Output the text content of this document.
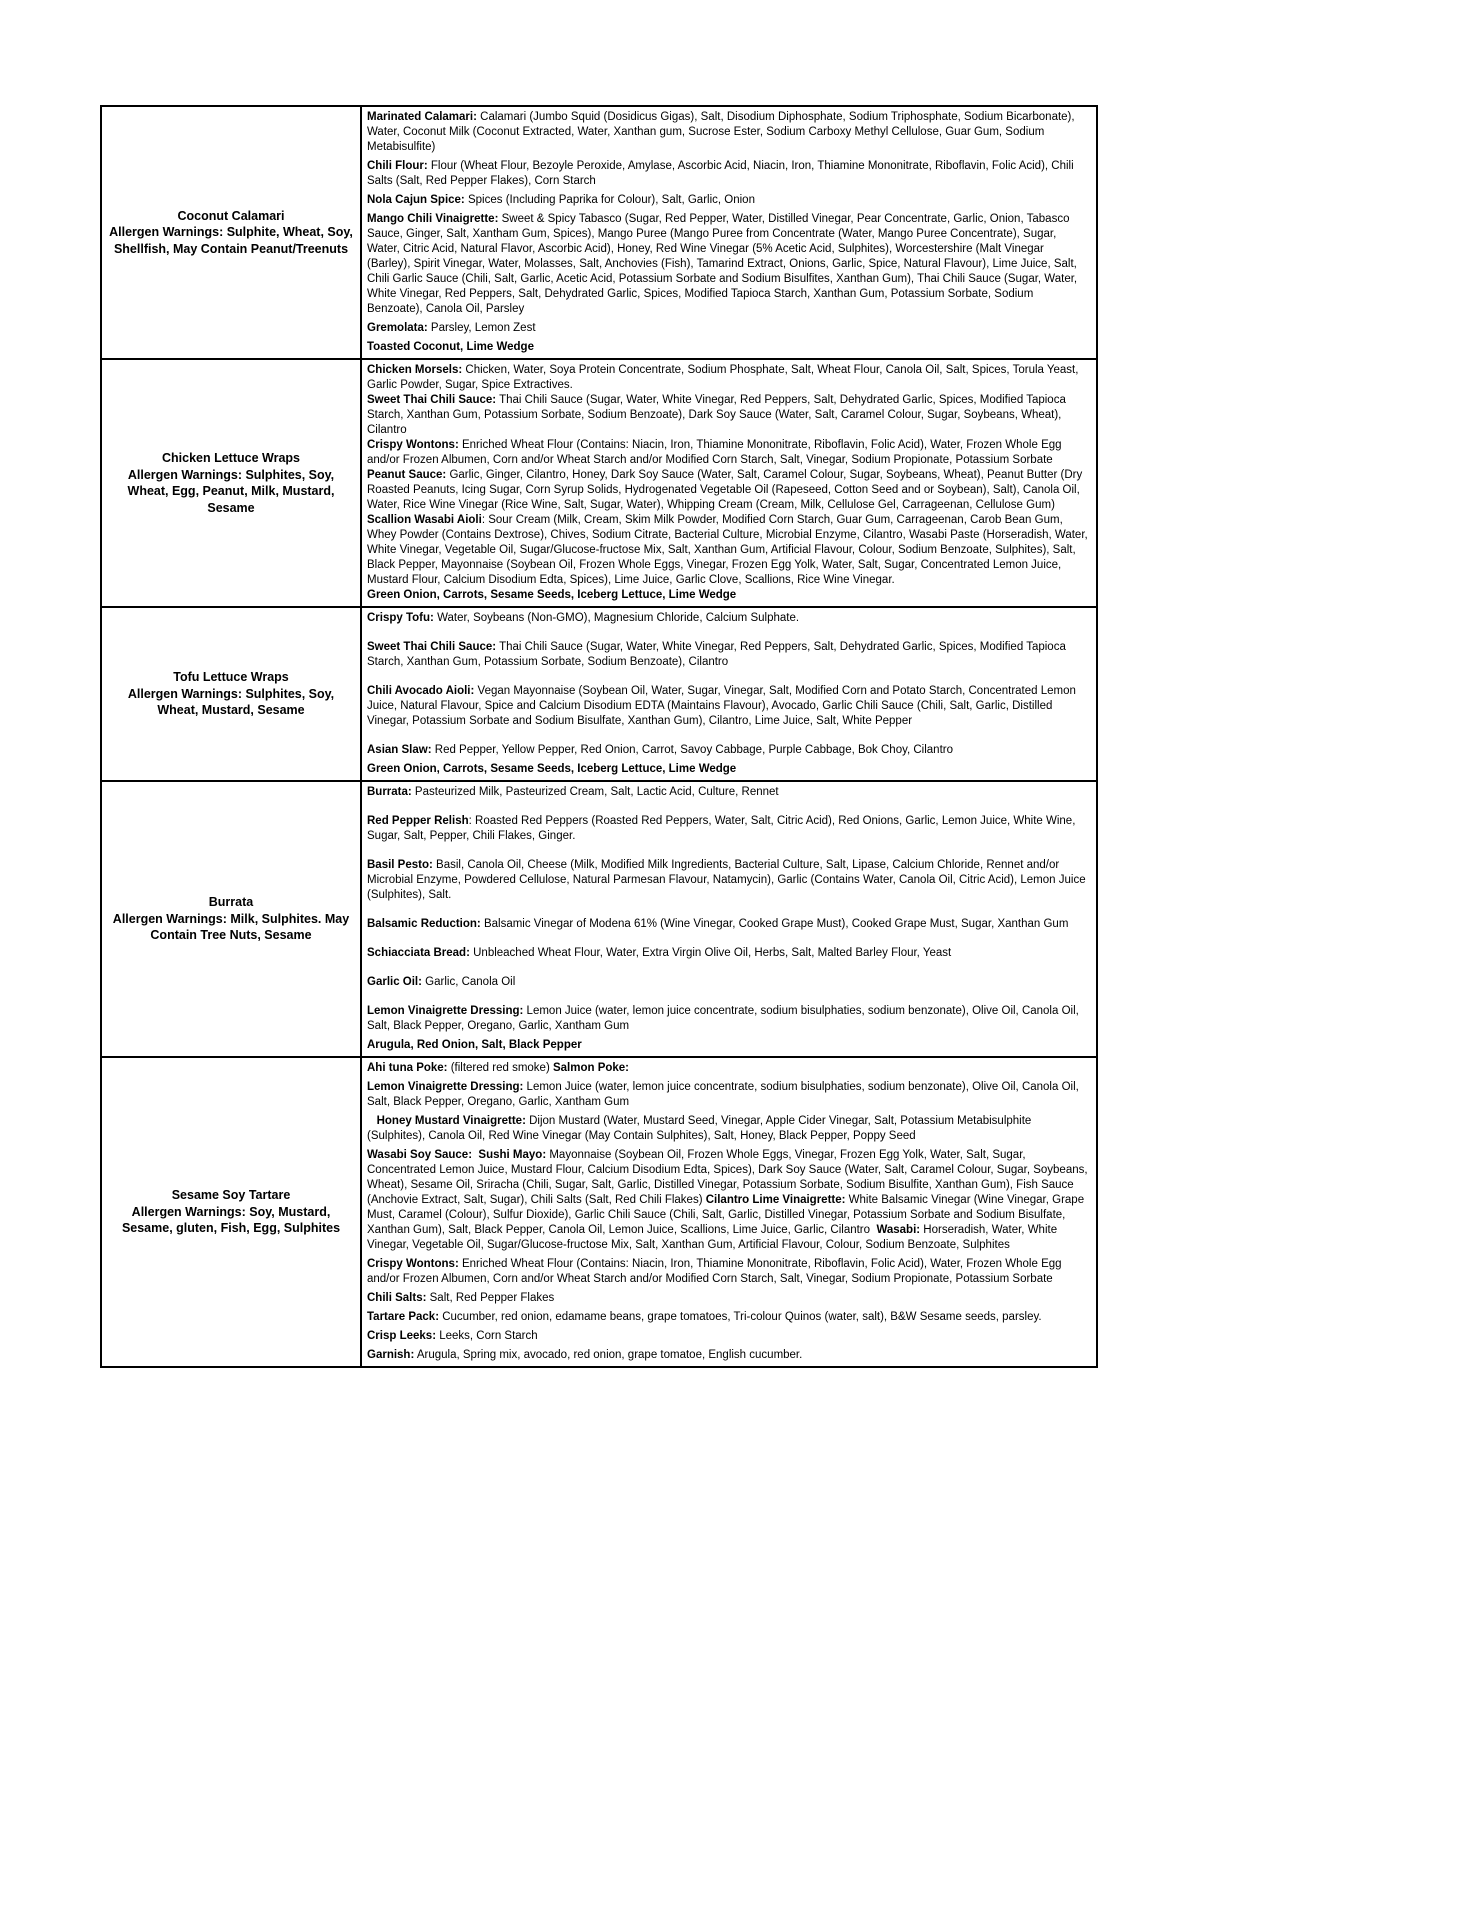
Coconut Calamari
Allergen Warnings: Sulphite, Wheat, Soy, Shellfish, May Contain Peanut/Treenuts

Marinated Calamari: Calamari (Jumbo Squid (Dosidicus Gigas), Salt, Disodium Diphosphate, Sodium Triphosphate, Sodium Bicarbonate), Water, Coconut Milk (Coconut Extracted, Water, Xanthan gum, Sucrose Ester, Sodium Carboxy Methyl Cellulose, Guar Gum, Sodium Metabisulfite)

Chili Flour: Flour (Wheat Flour, Bezoyle Peroxide, Amylase, Ascorbic Acid, Niacin, Iron, Thiamine Mononitrate, Riboflavin, Folic Acid), Chili Salts (Salt, Red Pepper Flakes), Corn Starch

Nola Cajun Spice: Spices (Including Paprika for Colour), Salt, Garlic, Onion

Mango Chili Vinaigrette: Sweet & Spicy Tabasco (Sugar, Red Pepper, Water, Distilled Vinegar, Pear Concentrate, Garlic, Onion, Tabasco Sauce, Ginger, Salt, Xantham Gum, Spices), Mango Puree (Mango Puree from Concentrate (Water, Mango Puree Concentrate), Sugar, Water, Citric Acid, Natural Flavor, Ascorbic Acid), Honey, Red Wine Vinegar (5% Acetic Acid, Sulphites), Worcestershire (Malt Vinegar (Barley), Spirit Vinegar, Water, Molasses, Salt, Anchovies (Fish), Tamarind Extract, Onions, Garlic, Spice, Natural Flavour), Lime Juice, Salt, Chili Garlic Sauce (Chili, Salt, Garlic, Acetic Acid, Potassium Sorbate and Sodium Bisulfites, Xanthan Gum), Thai Chili Sauce (Sugar, Water, White Vinegar, Red Peppers, Salt, Dehydrated Garlic, Spices, Modified Tapioca Starch, Xanthan Gum, Potassium Sorbate, Sodium Benzoate), Canola Oil, Parsley

Gremolata: Parsley, Lemon Zest

Toasted Coconut, Lime Wedge

Chicken Lettuce Wraps
Allergen Warnings: Sulphites, Soy, Wheat, Egg, Peanut, Milk, Mustard, Sesame

Chicken Morsels: Chicken, Water, Soya Protein Concentrate, Sodium Phosphate, Salt, Wheat Flour, Canola Oil, Salt, Spices, Torula Yeast, Garlic Powder, Sugar, Spice Extractives.

Sweet Thai Chili Sauce: Thai Chili Sauce (Sugar, Water, White Vinegar, Red Peppers, Salt, Dehydrated Garlic, Spices, Modified Tapioca Starch, Xanthan Gum, Potassium Sorbate, Sodium Benzoate), Dark Soy Sauce (Water, Salt, Caramel Colour, Sugar, Soybeans, Wheat), Cilantro

Crispy Wontons: Enriched Wheat Flour (Contains: Niacin, Iron, Thiamine Mononitrate, Riboflavin, Folic Acid), Water, Frozen Whole Egg and/or Frozen Albumen, Corn and/or Wheat Starch and/or Modified Corn Starch, Salt, Vinegar, Sodium Propionate, Potassium Sorbate

Peanut Sauce: Garlic, Ginger, Cilantro, Honey, Dark Soy Sauce (Water, Salt, Caramel Colour, Sugar, Soybeans, Wheat), Peanut Butter (Dry Roasted Peanuts, Icing Sugar, Corn Syrup Solids, Hydrogenated Vegetable Oil (Rapeseed, Cotton Seed and or Soybean), Salt), Canola Oil, Water, Rice Wine Vinegar (Rice Wine, Salt, Sugar, Water), Whipping Cream (Cream, Milk, Cellulose Gel, Carrageenan, Cellulose Gum)

Scallion Wasabi Aioli: Sour Cream (Milk, Cream, Skim Milk Powder, Modified Corn Starch, Guar Gum, Carrageenan, Carob Bean Gum, Whey Powder (Contains Dextrose), Chives, Sodium Citrate, Bacterial Culture, Microbial Enzyme, Cilantro, Wasabi Paste (Horseradish, Water, White Vinegar, Vegetable Oil, Sugar/Glucose-fructose Mix, Salt, Xanthan Gum, Artificial Flavour, Colour, Sodium Benzoate, Sulphites), Salt, Black Pepper, Mayonnaise (Soybean Oil, Frozen Whole Eggs, Vinegar, Frozen Egg Yolk, Water, Salt, Sugar, Concentrated Lemon Juice, Mustard Flour, Calcium Disodium Edta, Spices), Lime Juice, Garlic Clove, Scallions, Rice Wine Vinegar.

Green Onion, Carrots, Sesame Seeds, Iceberg Lettuce, Lime Wedge

Tofu Lettuce Wraps
Allergen Warnings: Sulphites, Soy, Wheat, Mustard, Sesame

Crispy Tofu: Water, Soybeans (Non-GMO), Magnesium Chloride, Calcium Sulphate.

Sweet Thai Chili Sauce: Thai Chili Sauce (Sugar, Water, White Vinegar, Red Peppers, Salt, Dehydrated Garlic, Spices, Modified Tapioca Starch, Xanthan Gum, Potassium Sorbate, Sodium Benzoate), Cilantro

Chili Avocado Aioli: Vegan Mayonnaise (Soybean Oil, Water, Sugar, Vinegar, Salt, Modified Corn and Potato Starch, Concentrated Lemon Juice, Natural Flavour, Spice and Calcium Disodium EDTA (Maintains Flavour), Avocado, Garlic Chili Sauce (Chili, Salt, Garlic, Distilled Vinegar, Potassium Sorbate and Sodium Bisulfate, Xanthan Gum), Cilantro, Lime Juice, Salt, White Pepper

Asian Slaw: Red Pepper, Yellow Pepper, Red Onion, Carrot, Savoy Cabbage, Purple Cabbage, Bok Choy, Cilantro

Green Onion, Carrots, Sesame Seeds, Iceberg Lettuce, Lime Wedge

Burrata
Allergen Warnings: Milk, Sulphites. May Contain Tree Nuts, Sesame

Burrata: Pasteurized Milk, Pasteurized Cream, Salt, Lactic Acid, Culture, Rennet

Red Pepper Relish: Roasted Red Peppers (Roasted Red Peppers, Water, Salt, Citric Acid), Red Onions, Garlic, Lemon Juice, White Wine, Sugar, Salt, Pepper, Chili Flakes, Ginger.

Basil Pesto: Basil, Canola Oil, Cheese (Milk, Modified Milk Ingredients, Bacterial Culture, Salt, Lipase, Calcium Chloride, Rennet and/or Microbial Enzyme, Powdered Cellulose, Natural Parmesan Flavour, Natamycin), Garlic (Contains Water, Canola Oil, Citric Acid), Lemon Juice (Sulphites), Salt.

Balsamic Reduction: Balsamic Vinegar of Modena 61% (Wine Vinegar, Cooked Grape Must), Cooked Grape Must, Sugar, Xanthan Gum

Schiacciata Bread: Unbleached Wheat Flour, Water, Extra Virgin Olive Oil, Herbs, Salt, Malted Barley Flour, Yeast

Garlic Oil: Garlic, Canola Oil

Lemon Vinaigrette Dressing: Lemon Juice (water, lemon juice concentrate, sodium bisulphaties, sodium benzonate), Olive Oil, Canola Oil, Salt, Black Pepper, Oregano, Garlic, Xantham Gum

Arugula, Red Onion, Salt, Black Pepper

Sesame Soy Tartare
Allergen Warnings: Soy, Mustard, Sesame, gluten, Fish, Egg, Sulphites

Ahi tuna Poke: (filtered red smoke) Salmon Poke:

Lemon Vinaigrette Dressing: Lemon Juice (water, lemon juice concentrate, sodium bisulphaties, sodium benzonate), Olive Oil, Canola Oil, Salt, Black Pepper, Oregano, Garlic, Xantham Gum

Honey Mustard Vinaigrette: Dijon Mustard (Water, Mustard Seed, Vinegar, Apple Cider Vinegar, Salt, Potassium Metabisulphite (Sulphites), Canola Oil, Red Wine Vinegar (May Contain Sulphites), Salt, Honey, Black Pepper, Poppy Seed

Wasabi Soy Sauce:  Sushi Mayo: Mayonnaise (Soybean Oil, Frozen Whole Eggs, Vinegar, Frozen Egg Yolk, Water, Salt, Sugar, Concentrated Lemon Juice, Mustard Flour, Calcium Disodium Edta, Spices), Dark Soy Sauce (Water, Salt, Caramel Colour, Sugar, Soybeans, Wheat), Sesame Oil, Sriracha (Chili, Sugar, Salt, Garlic, Distilled Vinegar, Potassium Sorbate, Sodium Bisulfite, Xanthan Gum), Fish Sauce (Anchovie Extract, Salt, Sugar), Chili Salts (Salt, Red Chili Flakes) Cilantro Lime Vinaigrette: White Balsamic Vinegar (Wine Vinegar, Grape Must, Caramel (Colour), Sulfur Dioxide), Garlic Chili Sauce (Chili, Salt, Garlic, Distilled Vinegar, Potassium Sorbate and Sodium Bisulfate, Xanthan Gum), Salt, Black Pepper, Canola Oil, Lemon Juice, Scallions, Lime Juice, Garlic, Cilantro  Wasabi: Horseradish, Water, White Vinegar, Vegetable Oil, Sugar/Glucose-fructose Mix, Salt, Xanthan Gum, Artificial Flavour, Colour, Sodium Benzoate, Sulphites

Crispy Wontons: Enriched Wheat Flour (Contains: Niacin, Iron, Thiamine Mononitrate, Riboflavin, Folic Acid), Water, Frozen Whole Egg and/or Frozen Albumen, Corn and/or Wheat Starch and/or Modified Corn Starch, Salt, Vinegar, Sodium Propionate, Potassium Sorbate

Chili Salts: Salt, Red Pepper Flakes

Tartare Pack: Cucumber, red onion, edamame beans, grape tomatoes, Tri-colour Quinos (water, salt), B&W Sesame seeds, parsley.

Crisp Leeks: Leeks, Corn Starch

Garnish: Arugula, Spring mix, avocado, red onion, grape tomatoe, English cucumber.
